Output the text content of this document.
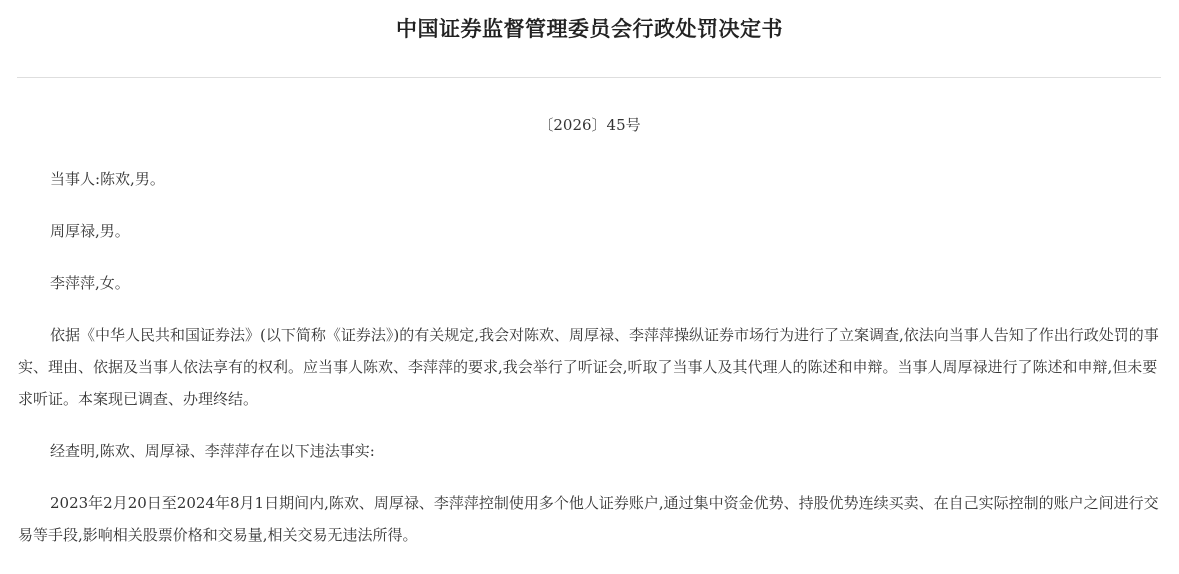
中国证券监督管理委员会行政处罚决定书
〔2026〕45号

当事人:陈欢,男。

周厚禄,男。

李萍萍,女。

依据《中华人民共和国证券法》(以下简称《证券法》)的有关规定,我会对陈欢、周厚禄、李萍萍操纵证券市场行为进行了立案调查,依法向当事人告知了作出行政处罚的事实、理由、依据及当事人依法享有的权利。应当事人陈欢、李萍萍的要求,我会举行了听证会,听取了当事人及其代理人的陈述和申辩。当事人周厚禄进行了陈述和申辩,但未要求听证。本案现已调查、办理终结。

经查明,陈欢、周厚禄、李萍萍存在以下违法事实:

2023年2月20日至2024年8月1日期间内,陈欢、周厚禄、李萍萍控制使用多个他人证券账户,通过集中资金优势、持股优势连续买卖、在自己实际控制的账户之间进行交易等手段,影响相关股票价格和交易量,相关交易无违法所得。
